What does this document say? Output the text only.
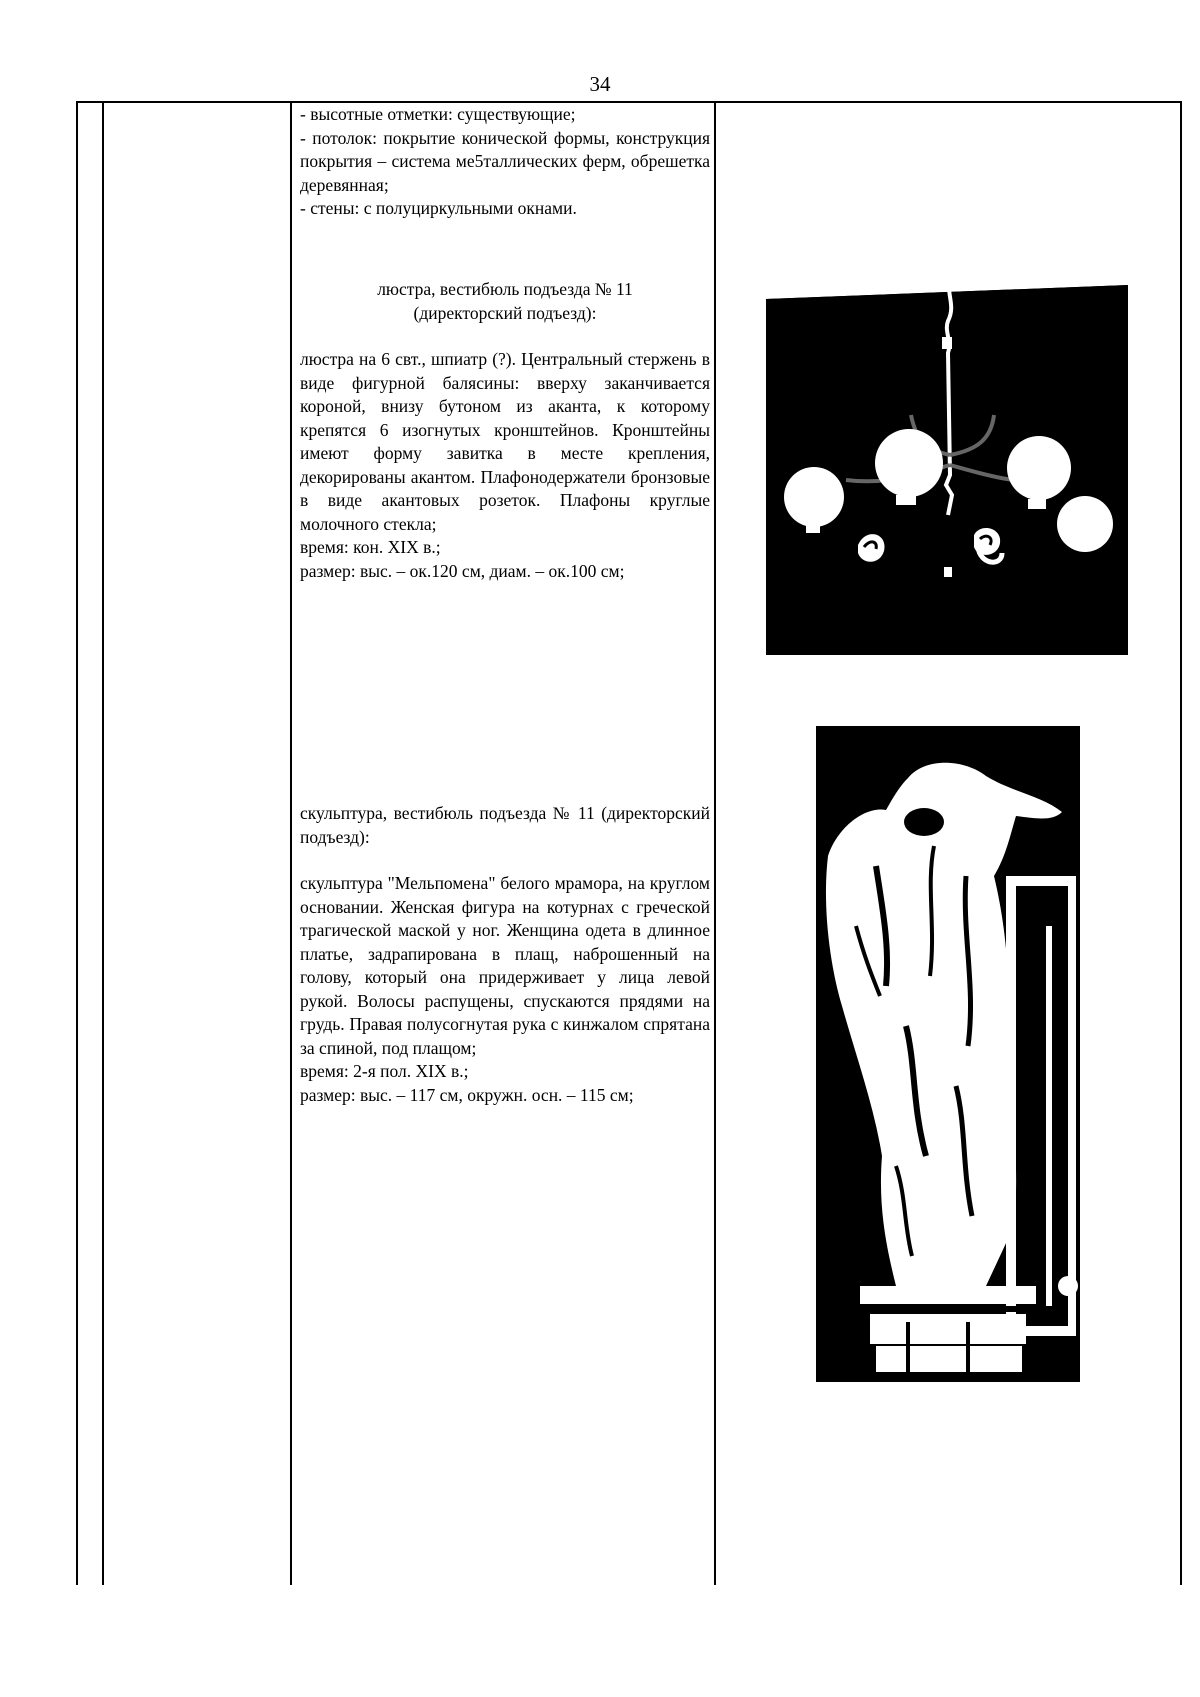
34

- высотные отметки: существующие;

- потолок: покрытие конической формы, конструкция покрытия – система ме5таллических ферм, обрешетка деревянная;

- стены: с полуциркульными окнами.

люстра, вестибюль подъезда № 11

(директорский подъезд):

люстра на 6 свт., шпиатр (?). Центральный стержень в виде фигурной балясины: вверху заканчивается короной, внизу бутоном из аканта, к которому крепятся 6 изогнутых кронштейнов. Кронштейны имеют форму завитка в месте крепления, декорированы акантом. Плафонодержатели бронзовые в виде акантовых розеток. Плафоны круглые молочного стекла;

время: кон. XIX в.;

размер: выс. – ок.120 см, диам. – ок.100 см;

скульптура, вестибюль подъезда № 11 (директорский подъезд):

скульптура "Мельпомена" белого мрамора, на круглом основании. Женская фигура на котурнах с греческой трагической маской у ног. Женщина одета в длинное платье, задрапирована в плащ, наброшенный на голову, который она придерживает у лица левой рукой. Волосы распущены, спускаются прядями на грудь. Правая полусогнутая рука с кинжалом спрятана за спиной, под плащом;

время: 2-я пол. XIX в.;

размер: выс. – 117 см, окружн. осн. – 115 см;
